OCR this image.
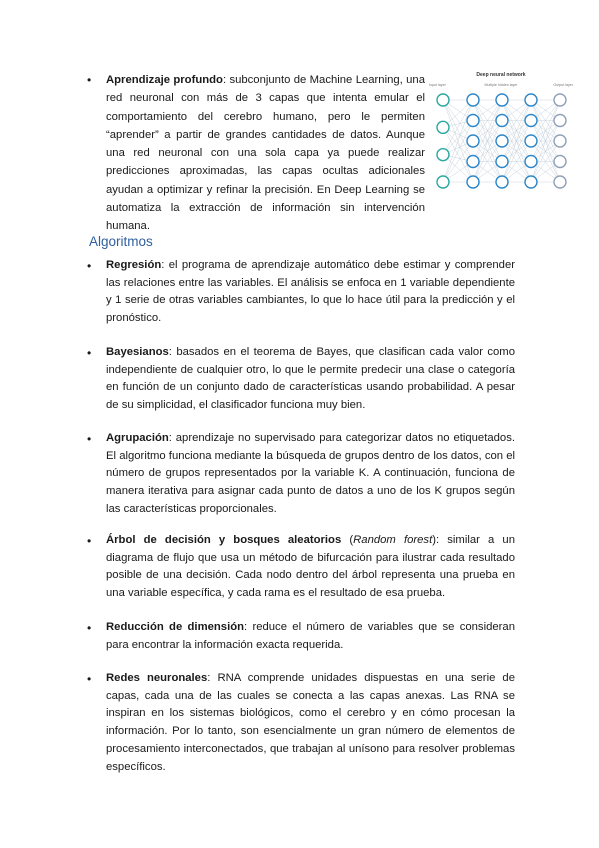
• Aprendizaje profundo: subconjunto de Machine Learning, una red neuronal con más de 3 capas que intenta emular el comportamiento del cerebro humano, pero le permiten “aprender” a partir de grandes cantidades de datos. Aunque una red neuronal con una sola capa ya puede realizar predicciones aproximadas, las capas ocultas adicionales ayudan a optimizar y refinar la precisión. En Deep Learning se automatiza la extracción de información sin intervención humana.
Deep neural network
Input layer	Multiple hidden layer	Output layer
Algoritmos
• Regresión: el programa de aprendizaje automático debe estimar y comprender las relaciones entre las variables. El análisis se enfoca en 1 variable dependiente y 1 serie de otras variables cambiantes, lo que lo hace útil para la predicción y el pronóstico.
• Bayesianos: basados en el teorema de Bayes, que clasifican cada valor como independiente de cualquier otro, lo que le permite predecir una clase o categoría en función de un conjunto dado de características usando probabilidad. A pesar de su simplicidad, el clasificador funciona muy bien.
• Agrupación: aprendizaje no supervisado para categorizar datos no etiquetados. El algoritmo funciona mediante la búsqueda de grupos dentro de los datos, con el número de grupos representados por la variable K. A continuación, funciona de manera iterativa para asignar cada punto de datos a uno de los K grupos según las características proporcionales.
• Árbol de decisión y bosques aleatorios (Random forest): similar a un diagrama de flujo que usa un método de bifurcación para ilustrar cada resultado posible de una decisión. Cada nodo dentro del árbol representa una prueba en una variable específica, y cada rama es el resultado de esa prueba.
• Reducción de dimensión: reduce el número de variables que se consideran para encontrar la información exacta requerida.
• Redes neuronales: RNA comprende unidades dispuestas en una serie de capas, cada una de las cuales se conecta a las capas anexas. Las RNA se inspiran en los sistemas biológicos, como el cerebro y en cómo procesan la información. Por lo tanto, son esencialmente un gran número de elementos de procesamiento interconectados, que trabajan al unísono para resolver problemas específicos.
